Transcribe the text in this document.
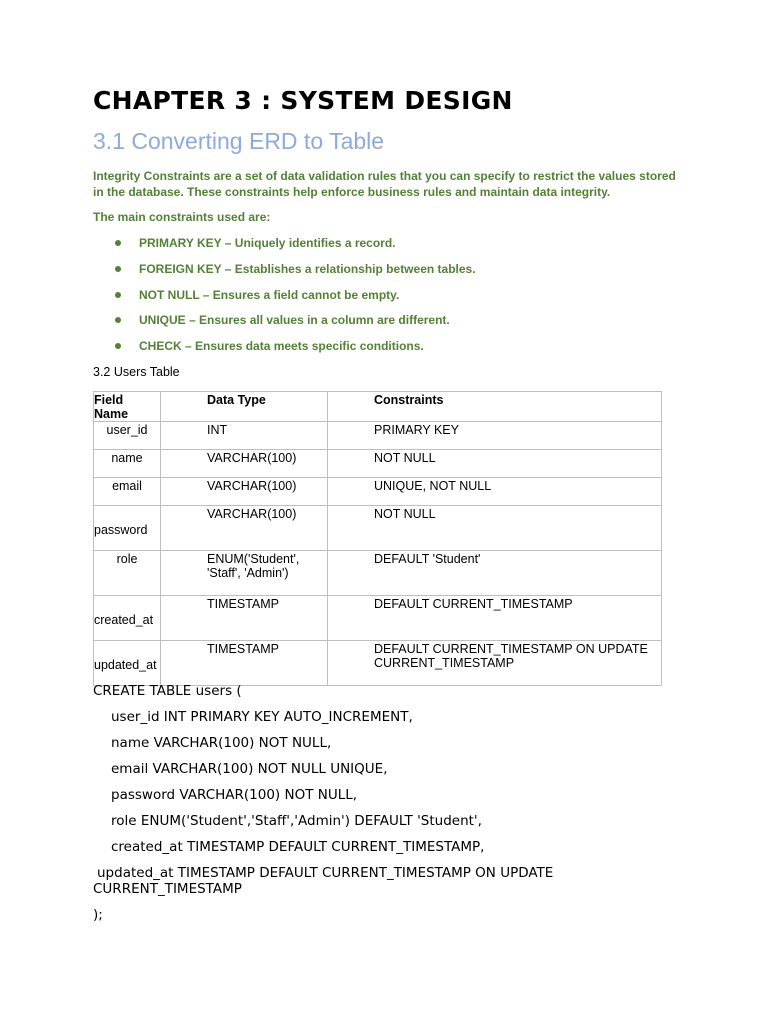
CHAPTER 3 : SYSTEM DESIGN
3.1 Converting ERD to Table
Integrity Constraints are a set of data validation rules that you can specify to restrict the values stored in the database. These constraints help enforce business rules and maintain data integrity.
The main constraints used are:
PRIMARY KEY – Uniquely identifies a record.
FOREIGN KEY – Establishes a relationship between tables.
NOT NULL – Ensures a field cannot be empty.
UNIQUE – Ensures all values in a column are different.
CHECK – Ensures data meets specific conditions.
3.2 Users Table
Field Name	Data Type	Constraints

user_id	INT	PRIMARY KEY

name	VARCHAR(100)	NOT NULL

email	VARCHAR(100)	UNIQUE, NOT NULL

password	VARCHAR(100)	NOT NULL

role	ENUM('Student', 'Staff', 'Admin')	DEFAULT 'Student'

created_at	TIMESTAMP	DEFAULT CURRENT_TIMESTAMP

updated_at	TIMESTAMP	DEFAULT CURRENT_TIMESTAMP ON UPDATE CURRENT_TIMESTAMP
CREATE TABLE users (
user_id INT PRIMARY KEY AUTO_INCREMENT,
name VARCHAR(100) NOT NULL,
email VARCHAR(100) NOT NULL UNIQUE,
password VARCHAR(100) NOT NULL,
role ENUM('Student','Staff','Admin') DEFAULT 'Student',
created_at TIMESTAMP DEFAULT CURRENT_TIMESTAMP,
updated_at TIMESTAMP DEFAULT CURRENT_TIMESTAMP ON UPDATE
CURRENT_TIMESTAMP
);
